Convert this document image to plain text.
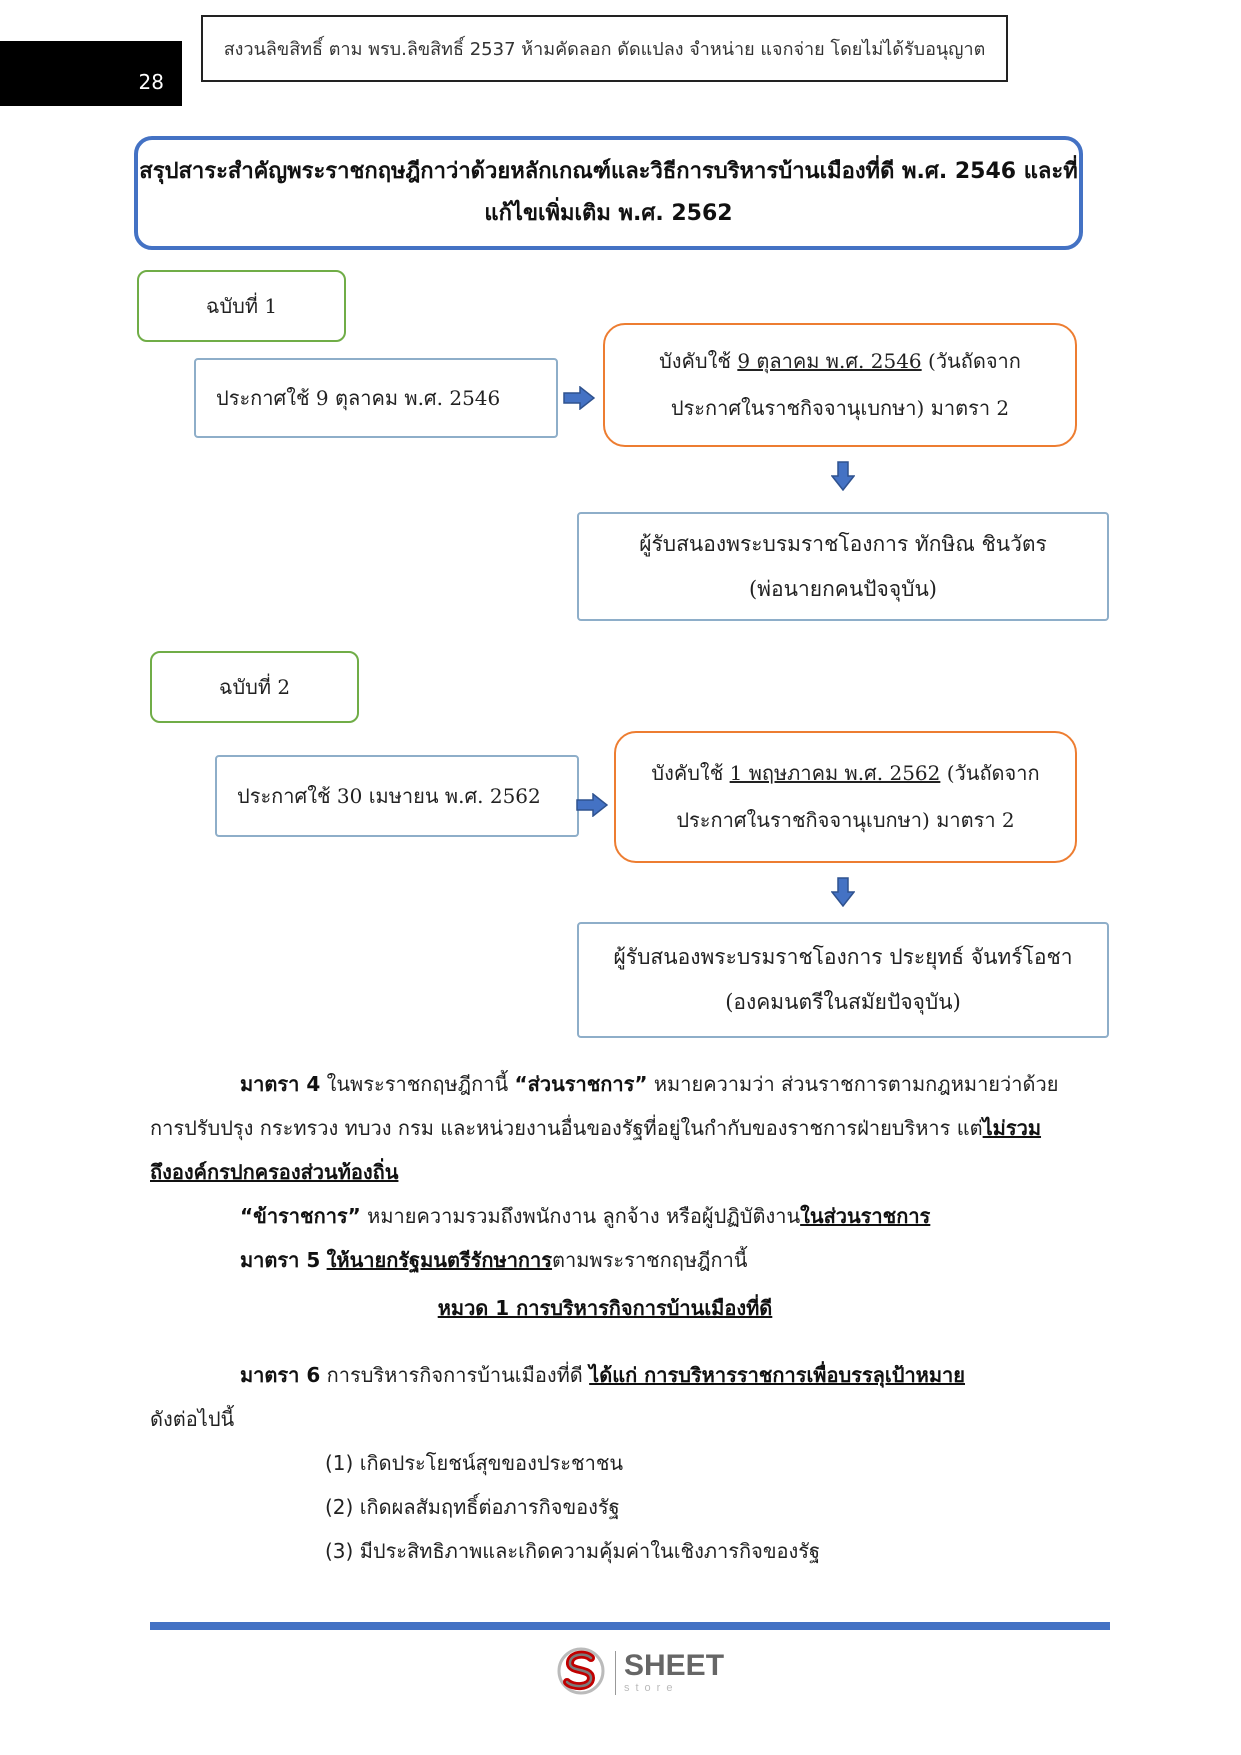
28
สงวนลิขสิทธิ์ ตาม พรบ.ลิขสิทธิ์ 2537 ห้ามคัดลอก ดัดแปลง จำหน่าย แจกจ่าย โดยไม่ได้รับอนุญาต
สรุปสาระสำคัญพระราชกฤษฎีกาว่าด้วยหลักเกณฑ์และวิธีการบริหารบ้านเมืองที่ดี พ.ศ. 2546 และที่
แก้ไขเพิ่มเติม พ.ศ. 2562
ฉบับที่ 1
ประกาศใช้ 9 ตุลาคม พ.ศ. 2546
บังคับใช้ 9 ตุลาคม พ.ศ. 2546 (วันถัดจาก
ประกาศในราชกิจจานุเบกษา) มาตรา 2
ผู้รับสนองพระบรมราชโองการ ทักษิณ ชินวัตร
(พ่อนายกคนปัจจุบัน)
ฉบับที่ 2
ประกาศใช้ 30 เมษายน พ.ศ. 2562
บังคับใช้ 1 พฤษภาคม พ.ศ. 2562 (วันถัดจาก
ประกาศในราชกิจจานุเบกษา) มาตรา 2
ผู้รับสนองพระบรมราชโองการ ประยุทธ์ จันทร์โอชา
(องคมนตรีในสมัยปัจจุบัน)
มาตรา 4 ในพระราชกฤษฎีกานี้ “ส่วนราชการ” หมายความว่า ส่วนราชการตามกฎหมายว่าด้วยการปรับปรุง กระทรวง ทบวง กรม และหน่วยงานอื่นของรัฐที่อยู่ในกำกับของราชการฝ่ายบริหาร แต่ไม่รวมถึงองค์กรปกครองส่วนท้องถิ่น
“ข้าราชการ” หมายความรวมถึงพนักงาน ลูกจ้าง หรือผู้ปฏิบัติงานในส่วนราชการ
มาตรา 5 ให้นายกรัฐมนตรีรักษาการตามพระราชกฤษฎีกานี้
หมวด 1 การบริหารกิจการบ้านเมืองที่ดี
มาตรา 6 การบริหารกิจการบ้านเมืองที่ดี ได้แก่ การบริหารราชการเพื่อบรรลุเป้าหมาย
ดังต่อไปนี้
(1) เกิดประโยชน์สุขของประชาชน
(2) เกิดผลสัมฤทธิ์ต่อภารกิจของรัฐ
(3) มีประสิทธิภาพและเกิดความคุ้มค่าในเชิงภารกิจของรัฐ
SHEET
store
